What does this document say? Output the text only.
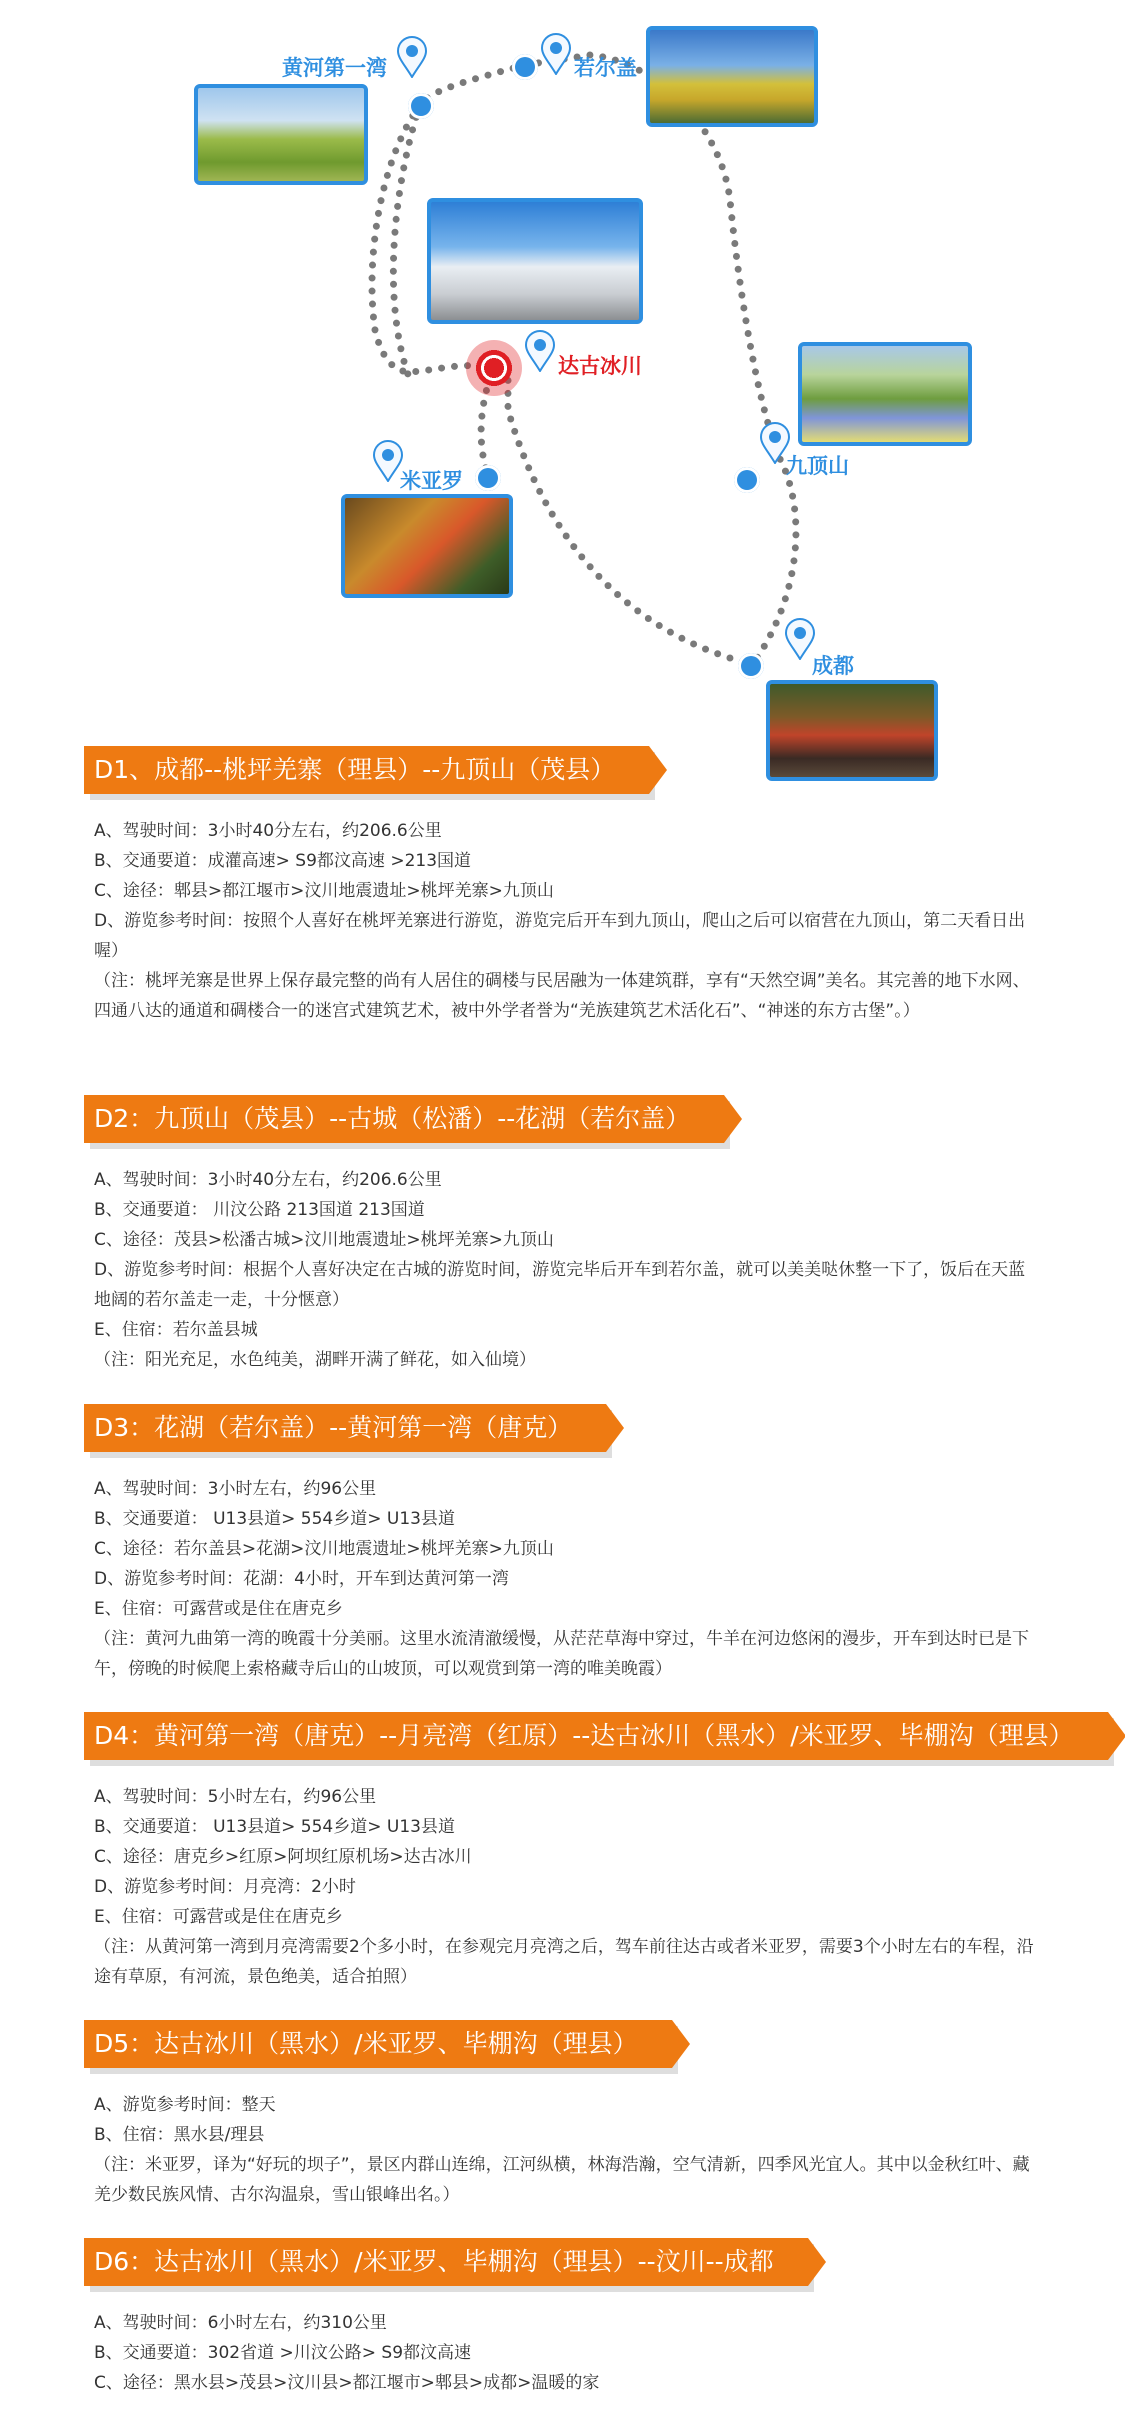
黄河第一湾	若尔盖
达古冰川
九顶山
米亚罗
成都
D1、成都--桃坪羌寨（理县）--九顶山（茂县）
A、驾驶时间：3小时40分左右，约206.6公里
B、交通要道：成灌高速> S9都汶高速 >213国道
C、途径：郫县>都江堰市>汶川地震遗址>桃坪羌寨>九顶山
D、游览参考时间：按照个人喜好在桃坪羌寨进行游览，游览完后开车到九顶山，爬山之后可以宿营在九顶山，第二天看日出喔）
（注：桃坪羌寨是世界上保存最完整的尚有人居住的碉楼与民居融为一体建筑群，享有“天然空调”美名。其完善的地下水网、四通八达的通道和碉楼合一的迷宫式建筑艺术，被中外学者誉为“羌族建筑艺术活化石”、“神迷的东方古堡”。）
D2：九顶山（茂县）--古城（松潘）--花湖（若尔盖）
A、驾驶时间：3小时40分左右，约206.6公里
B、交通要道： 川汶公路 213国道 213国道
C、途径：茂县>松潘古城>汶川地震遗址>桃坪羌寨>九顶山
D、游览参考时间：根据个人喜好决定在古城的游览时间，游览完毕后开车到若尔盖，就可以美美哒休整一下了，饭后在天蓝地阔的若尔盖走一走，十分惬意）
E、住宿：若尔盖县城
（注：阳光充足，水色纯美，湖畔开满了鲜花，如入仙境）
D3：花湖（若尔盖）--黄河第一湾（唐克）
A、驾驶时间：3小时左右，约96公里
B、交通要道： U13县道> 554乡道> U13县道
C、途径：若尔盖县>花湖>汶川地震遗址>桃坪羌寨>九顶山
D、游览参考时间：花湖：4小时，开车到达黄河第一湾
E、住宿：可露营或是住在唐克乡
（注：黄河九曲第一湾的晚霞十分美丽。这里水流清澈缓慢，从茫茫草海中穿过，牛羊在河边悠闲的漫步，开车到达时已是下午，傍晚的时候爬上索格藏寺后山的山坡顶，可以观赏到第一湾的唯美晚霞）
D4：黄河第一湾（唐克）--月亮湾（红原）--达古冰川（黑水）/米亚罗、毕棚沟（理县）
A、驾驶时间：5小时左右，约96公里
B、交通要道： U13县道> 554乡道> U13县道
C、途径：唐克乡>红原>阿坝红原机场>达古冰川
D、游览参考时间：月亮湾：2小时
E、住宿：可露营或是住在唐克乡
（注：从黄河第一湾到月亮湾需要2个多小时，在参观完月亮湾之后，驾车前往达古或者米亚罗，需要3个小时左右的车程，沿途有草原，有河流，景色绝美，适合拍照）
D5：达古冰川（黑水）/米亚罗、毕棚沟（理县）
A、游览参考时间：整天
B、住宿：黑水县/理县
（注：米亚罗，译为“好玩的坝子”，景区内群山连绵，江河纵横，林海浩瀚，空气清新，四季风光宜人。其中以金秋红叶、藏羌少数民族风情、古尔沟温泉，雪山银峰出名。）
D6：达古冰川（黑水）/米亚罗、毕棚沟（理县）--汶川--成都
A、驾驶时间：6小时左右，约310公里
B、交通要道：302省道 >川汶公路> S9都汶高速
C、途径：黑水县>茂县>汶川县>都江堰市>郫县>成都>温暖的家
